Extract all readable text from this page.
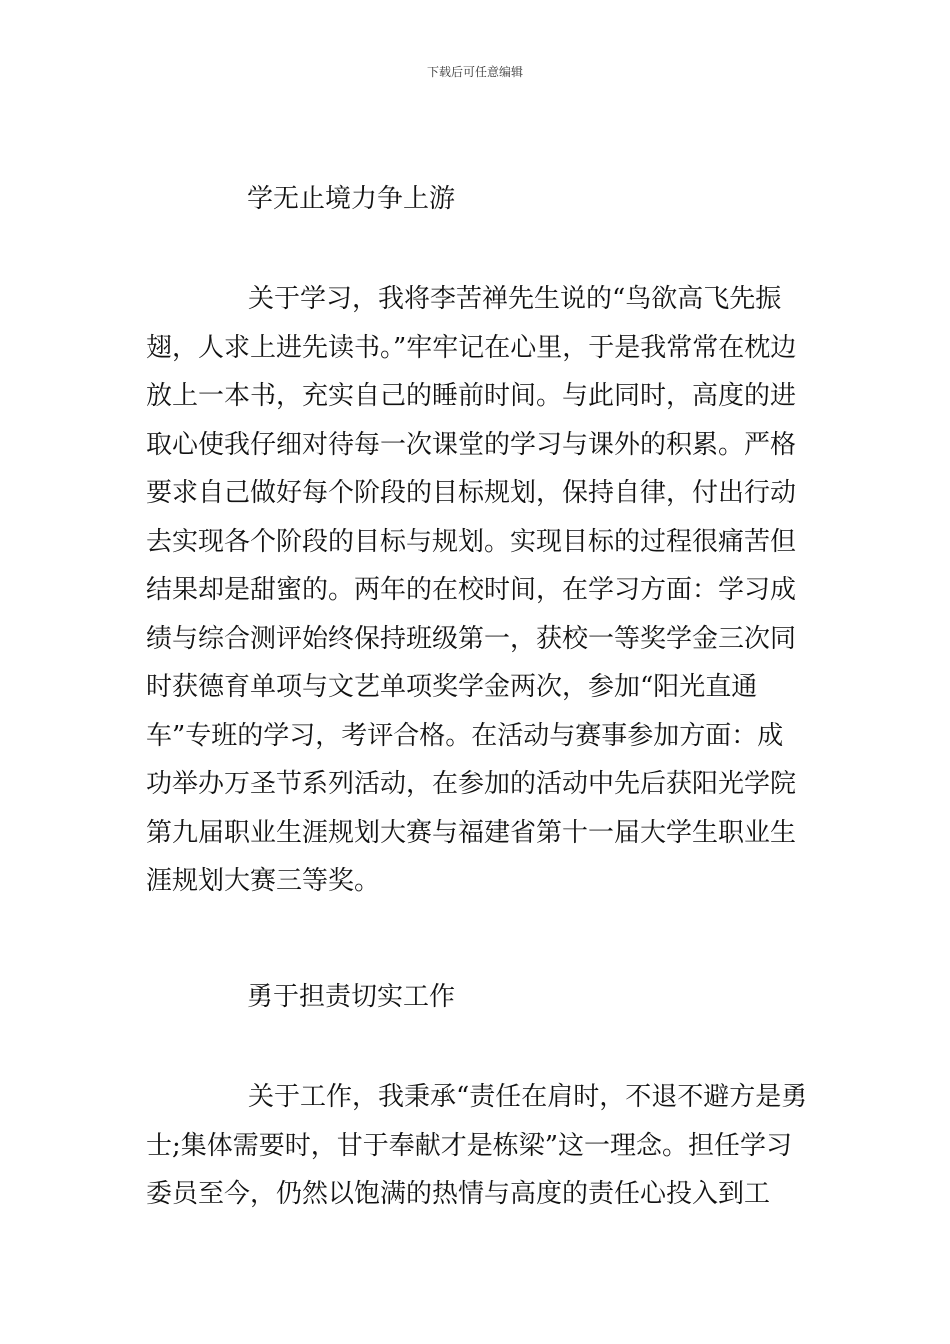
下载后可任意编辑
学无止境力争上游

关于学习，我将李苦禅先生说的“鸟欲高飞先振翅，人求上进先读书。”牢牢记在心里，于是我常常在枕边放上一本书，充实自己的睡前时间。与此同时，高度的进取心使我仔细对待每一次课堂的学习与课外的积累。严格要求自己做好每个阶段的目标规划，保持自律，付出行动去实现各个阶段的目标与规划。实现目标的过程很痛苦但结果却是甜蜜的。两年的在校时间，在学习方面：学习成绩与综合测评始终保持班级第一，获校一等奖学金三次同时获德育单项与文艺单项奖学金两次，参加“阳光直通车”专班的学习，考评合格。在活动与赛事参加方面：成功举办万圣节系列活动，在参加的活动中先后获阳光学院第九届职业生涯规划大赛与福建省第十一届大学生职业生涯规划大赛三等奖。

勇于担责切实工作

关于工作，我秉承“责任在肩时，不退不避方是勇士;集体需要时，甘于奉献才是栋梁”这一理念。担任学习委员至今，仍然以饱满的热情与高度的责任心投入到工
